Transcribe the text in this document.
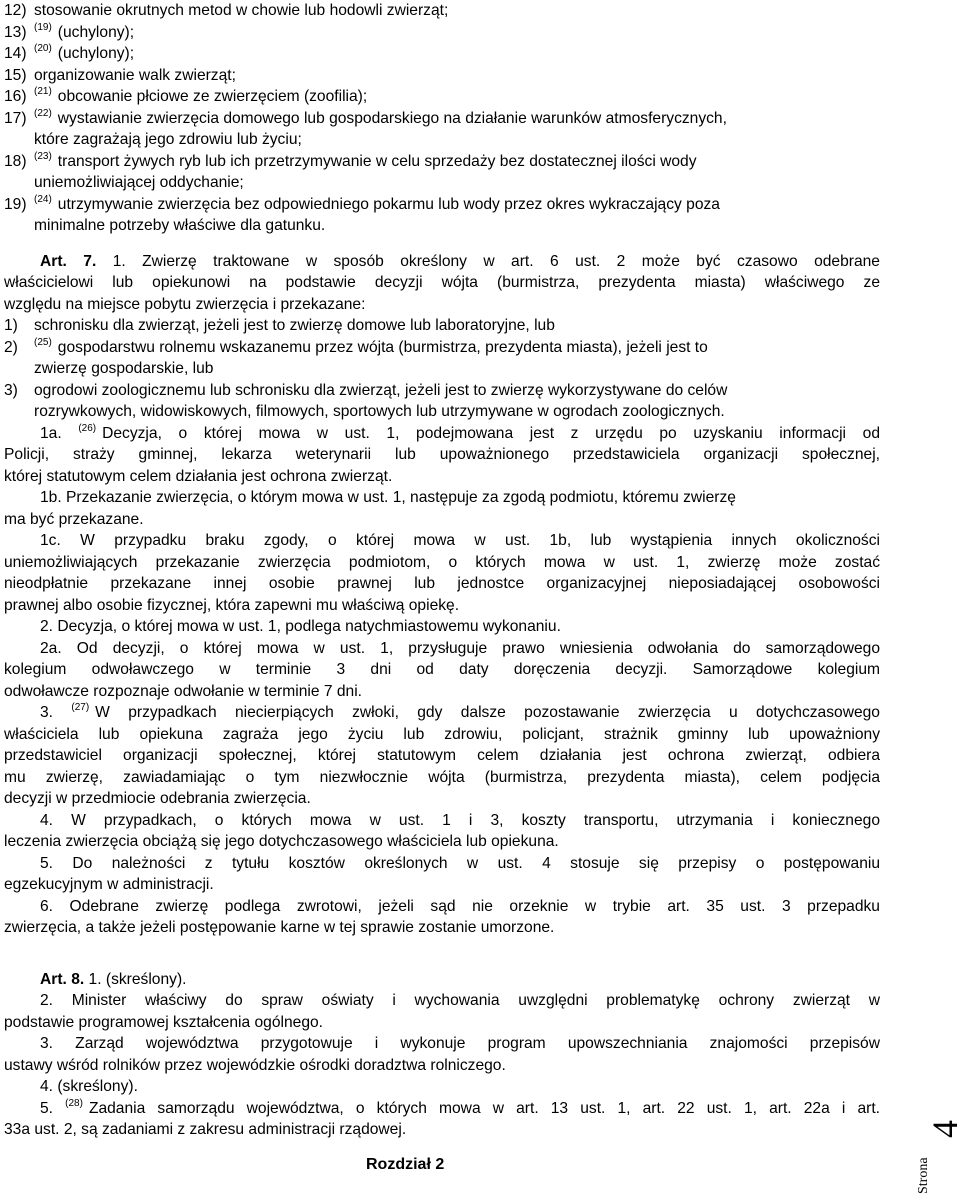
12) stosowanie okrutnych metod w chowie lub hodowli zwierząt;
13) $^{(19)}$ (uchylony);
14) $^{(20)}$ (uchylony);
15) organizowanie walk zwierząt;
16) $^{(21)}$ obcowanie płciowe ze zwierzęciem (zoofilia);
17) $^{(22)}$ wystawianie zwierzęcia domowego lub gospodarskiego na działanie warunków atmosferycznych,
które zagrażają jego zdrowiu lub życiu;
18) $^{(23)}$ transport żywych ryb lub ich przetrzymywanie w celu sprzedaży bez dostatecznej ilości wody
uniemożliwiającej oddychanie;
19) $^{(24)}$ utrzymywanie zwierzęcia bez odpowiedniego pokarmu lub wody przez okres wykraczający poza
minimalne potrzeby właściwe dla gatunku.
Art. 7. 1. Zwierzę traktowane w sposób określony w art. 6 ust. 2 może być czasowo odebrane
właścicielowi lub opiekunowi na podstawie decyzji wójta (burmistrza, prezydenta miasta) właściwego ze
względu na miejsce pobytu zwierzęcia i przekazane:
1) schronisku dla zwierząt, jeżeli jest to zwierzę domowe lub laboratoryjne, lub
2) $^{(25)}$ gospodarstwu rolnemu wskazanemu przez wójta (burmistrza, prezydenta miasta), jeżeli jest to
zwierzę gospodarskie, lub
3) ogrodowi zoologicznemu lub schronisku dla zwierząt, jeżeli jest to zwierzę wykorzystywane do celów
rozrywkowych, widowiskowych, filmowych, sportowych lub utrzymywane w ogrodach zoologicznych.
1a. $^{(26)}$ Decyzja, o której mowa w ust. 1, podejmowana jest z urzędu po uzyskaniu informacji od
Policji, straży gminnej, lekarza weterynarii lub upoważnionego przedstawiciela organizacji społecznej,
której statutowym celem działania jest ochrona zwierząt.
1b. Przekazanie zwierzęcia, o którym mowa w ust. 1, następuje za zgodą podmiotu, któremu zwierzę
ma być przekazane.
1c. W przypadku braku zgody, o której mowa w ust. 1b, lub wystąpienia innych okoliczności
uniemożliwiających przekazanie zwierzęcia podmiotom, o których mowa w ust. 1, zwierzę może zostać
nieodpłatnie przekazane innej osobie prawnej lub jednostce organizacyjnej nieposiadającej osobowości
prawnej albo osobie fizycznej, która zapewni mu właściwą opiekę.
2. Decyzja, o której mowa w ust. 1, podlega natychmiastowemu wykonaniu.
2a. Od decyzji, o której mowa w ust. 1, przysługuje prawo wniesienia odwołania do samorządowego
kolegium odwoławczego w terminie 3 dni od daty doręczenia decyzji. Samorządowe kolegium
odwoławcze rozpoznaje odwołanie w terminie 7 dni.
3. $^{(27)}$ W przypadkach niecierpiących zwłoki, gdy dalsze pozostawanie zwierzęcia u dotychczasowego
właściciela lub opiekuna zagraża jego życiu lub zdrowiu, policjant, strażnik gminny lub upoważniony
przedstawiciel organizacji społecznej, której statutowym celem działania jest ochrona zwierząt, odbiera
mu zwierzę, zawiadamiając o tym niezwłocznie wójta (burmistrza, prezydenta miasta), celem podjęcia
decyzji w przedmiocie odebrania zwierzęcia.
4. W przypadkach, o których mowa w ust. 1 i 3, koszty transportu, utrzymania i koniecznego
leczenia zwierzęcia obciążą się jego dotychczasowego właściciela lub opiekuna.
5. Do należności z tytułu kosztów określonych w ust. 4 stosuje się przepisy o postępowaniu
egzekucyjnym w administracji.
6. Odebrane zwierzę podlega zwrotowi, jeżeli sąd nie orzeknie w trybie art. 35 ust. 3 przepadku
zwierzęcia, a także jeżeli postępowanie karne w tej sprawie zostanie umorzone.
Art. 8. 1. (skreślony).
2. Minister właściwy do spraw oświaty i wychowania uwzględni problematykę ochrony zwierząt w
podstawie programowej kształcenia ogólnego.
3. Zarząd województwa przygotowuje i wykonuje program upowszechniania znajomości przepisów
ustawy wśród rolników przez wojewódzkie ośrodki doradztwa rolniczego.
4. (skreślony).
5. $^{(28)}$ Zadania samorządu województwa, o których mowa w art. 13 ust. 1, art. 22 ust. 1, art. 22a i art.
33a ust. 2, są zadaniami z zakresu administracji rządowej.
Rozdział 2	Strona
4
